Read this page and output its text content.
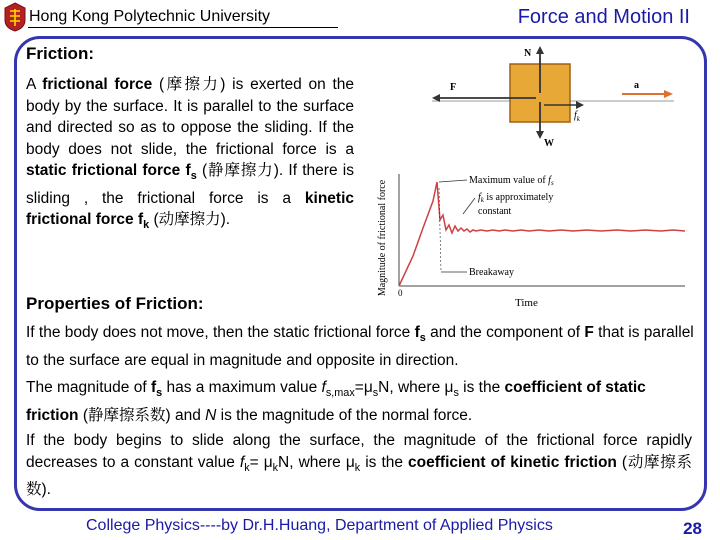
Hong Kong Polytechnic University	Force and Motion II
Friction:
A frictional force (摩擦力) is exerted on the body by the surface. It is parallel to the surface and directed so as to oppose the sliding. If the body does not slide, the frictional force is a static frictional force $f_s$ (静摩擦力). If there is sliding , the frictional force is a kinetic frictional force $f_k$ (动摩擦力).
N
W
F
$f_k$
a
Magnitude of frictional force 0
Time
Maximum value of $f_s$
$f_k$ is approximately
constant
Breakaway
Properties of Friction:
If the body does not move, then the static frictional force $f_s$ and the component of F that is parallel to the surface are equal in magnitude and opposite in direction.
The magnitude of $f_s$ has a maximum value $f_{s,max}=\mu_sN$, where $\mu_s$ is the coefficient of static friction (静摩擦系数) and N is the magnitude of the normal force.
If the body begins to slide along the surface, the magnitude of the frictional force rapidly decreases to a constant value $f_k= \mu_kN$, where $\mu_k$ is the coefficient of kinetic friction (动摩擦系数).
College Physics----by Dr.H.Huang, Department of Applied Physics	28
